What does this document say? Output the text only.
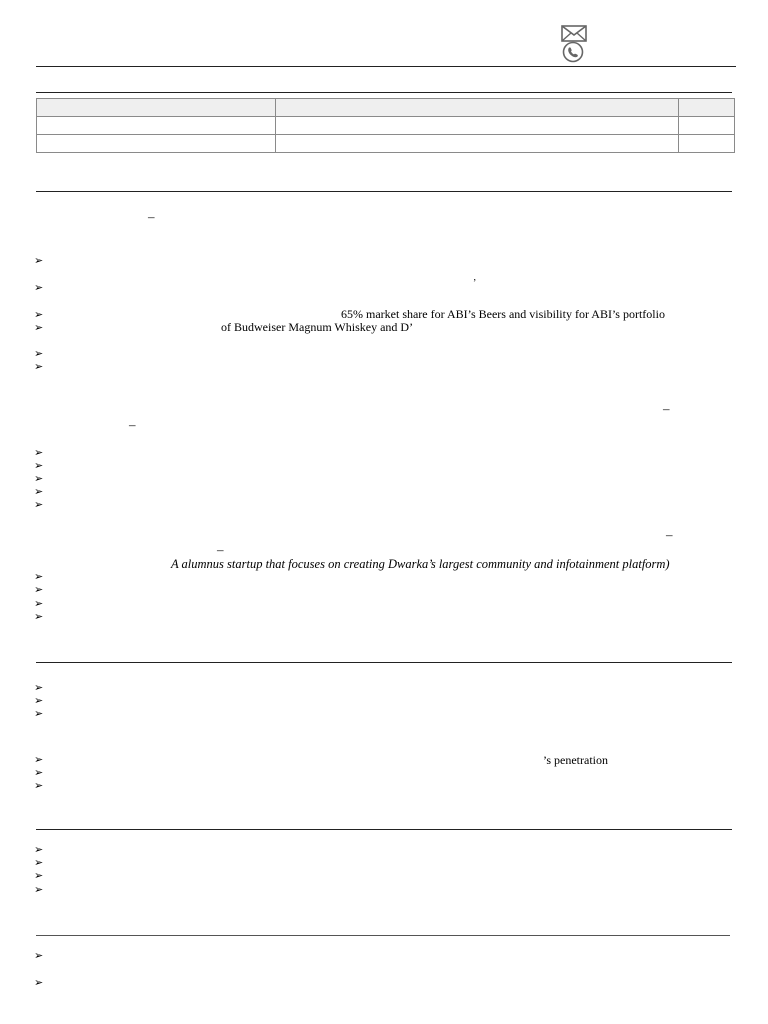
–
➢
’
➢
➢	65% market share for ABI’s Beers and visibility for ABI’s portfolio
➢	of Budweiser Magnum Whiskey and D’
➢
➢
–
–
➢
➢
➢
➢
➢
–
–
A alumnus startup that focuses on creating Dwarka’s largest community and infotainment platform)
➢
➢
➢
➢
➢
➢
➢
➢	’s penetration
➢
➢
➢
➢
➢
➢
➢
➢
